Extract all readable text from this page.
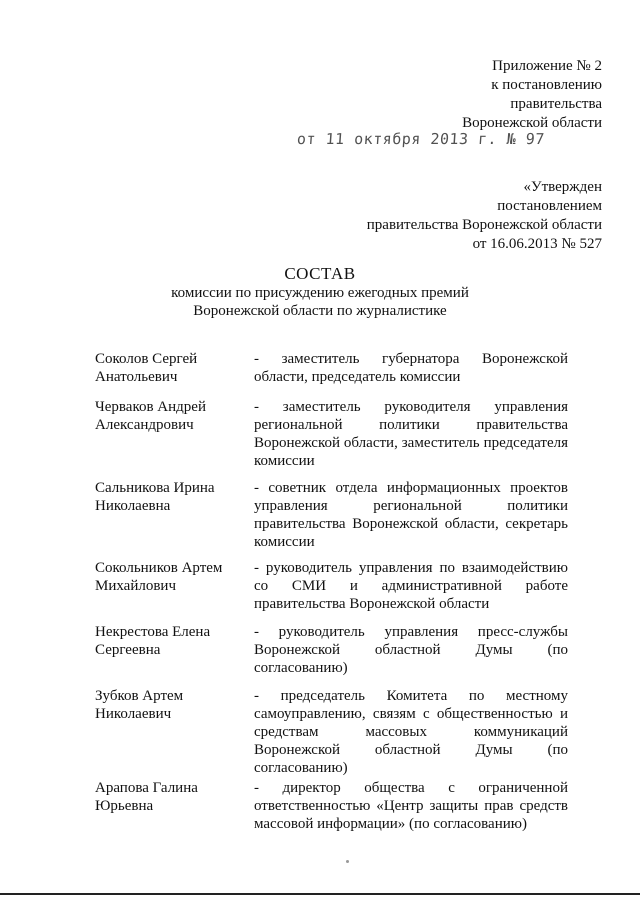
Приложение № 2
к постановлению
правительства
Воронежской области
от 11 октября 2013 г. № 97
«Утвержден
постановлением
правительства Воронежской области
от 16.06.2013 № 527
СОСТАВ
комиссии по присуждению ежегодных премий
Воронежской области по журналистике
Соколов Сергей Анатольевич
- заместитель губернатора Воронежской области, председатель комиссии
Черваков Андрей Александрович
- заместитель руководителя управления региональной политики правительства Воронежской области, заместитель председателя комиссии
Сальникова Ирина Николаевна
- советник отдела информационных проектов управления региональной политики правительства Воронежской области, секретарь комиссии
Сокольников Артем Михайлович
- руководитель управления по взаимодействию со СМИ и административной работе правительства Воронежской области
Некрестова Елена Сергеевна
- руководитель управления пресс-службы Воронежской областной Думы (по согласованию)
Зубков Артем Николаевич
- председатель Комитета по местному самоуправлению, связям с общественностью и средствам массовых коммуникаций Воронежской областной Думы (по согласованию)
Арапова Галина Юрьевна
- директор общества с ограниченной ответственностью «Центр защиты прав средств массовой информации» (по согласованию)
